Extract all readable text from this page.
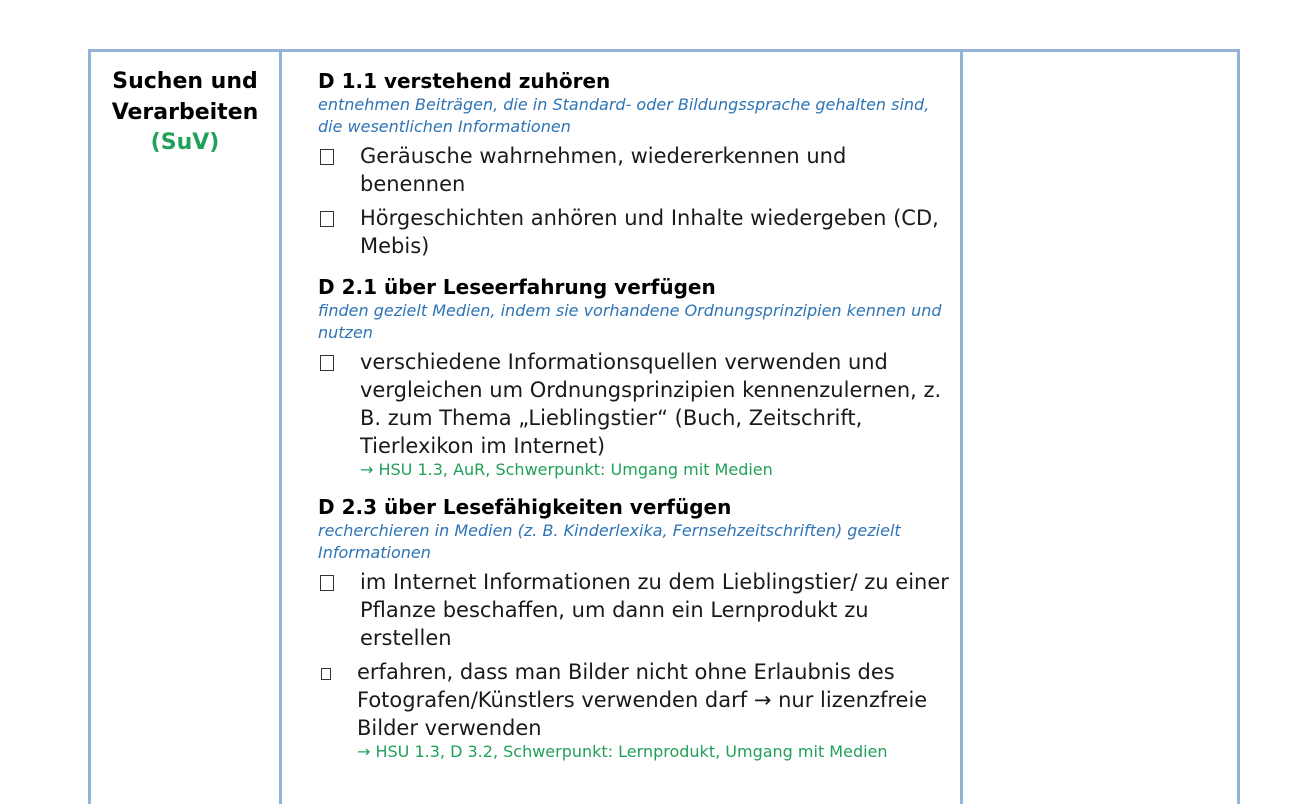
Suchen und

Verarbeiten

(SuV)

D 1.1 verstehend zuhören

entnehmen Beiträgen, die in Standard- oder Bildungssprache gehalten sind, die wesentlichen Informationen

Geräusche wahrnehmen, wiedererkennen und benennen

Hörgeschichten anhören und Inhalte wiedergeben (CD, Mebis)

D 2.1 über Leseerfahrung verfügen

finden gezielt Medien, indem sie vorhandene Ordnungsprinzipien kennen und nutzen

verschiedene Informationsquellen verwenden und vergleichen um Ordnungsprinzipien kennenzulernen, z. B. zum Thema „Lieblingstier“ (Buch, Zeitschrift, Tierlexikon im Internet)

→ HSU 1.3, AuR, Schwerpunkt: Umgang mit Medien

D 2.3 über Lesefähigkeiten verfügen

recherchieren in Medien (z. B. Kinderlexika, Fernsehzeitschriften) gezielt Informationen

im Internet Informationen zu dem Lieblingstier/ zu einer Pflanze beschaffen, um dann ein Lernprodukt zu erstellen

erfahren, dass man Bilder nicht ohne Erlaubnis des Fotografen/Künstlers verwenden darf → nur lizenzfreie Bilder verwenden

→ HSU 1.3, D 3.2, Schwerpunkt: Lernprodukt, Umgang mit Medien
